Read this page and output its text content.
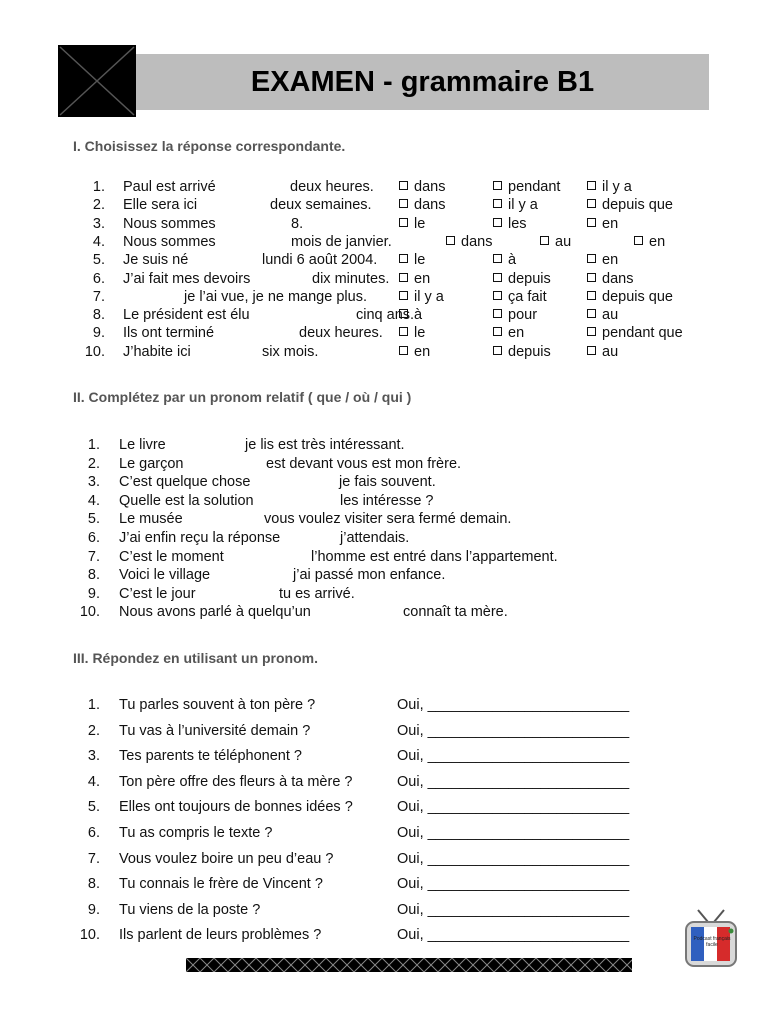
EXAMEN - grammaire B1
I. Choisissez la réponse correspondante.
1. Paul est arrivé	deux heures.	dans	pendant	il y a
2. Elle sera ici	deux semaines.	dans	il y a	depuis que
3. Nous sommes	8.	le	les	en
4. Nous sommes	mois de janvier.	dans	au	en
5. Je suis né	lundi 6 août 2004.	le	à	en
6. J’ai fait mes devoirs	dix minutes.	en	depuis	dans
7.	je l’ai vue, je ne mange plus.	il y a	ça fait	depuis que
8. Le président est élu	cinq ans. à	pour	au
9. Ils ont terminé	deux heures.	le	en	pendant que
10. J’habite ici	six mois.	en	depuis	au
II. Complétez par un pronom relatif ( que / où / qui )
1. Le livre	je lis est très intéressant.
2. Le garçon	est devant vous est mon frère.
3. C’est quelque chose	je fais souvent.
4. Quelle est la solution	les intéresse ?
5. Le musée	vous voulez visiter sera fermé demain.
6. J’ai enfin reçu la réponse	j’attendais.
7. C’est le moment	l’homme est entré dans l’appartement.
8. Voici le village	j’ai passé mon enfance.
9. C’est le jour	tu es arrivé.
10. Nous avons parlé à quelqu’un	connaît ta mère.
III. Répondez en utilisant un pronom.
1. Tu parles souvent à ton père ?	Oui, _________________________
2. Tu vas à l’université demain ?	Oui, _________________________
3. Tes parents te téléphonent ?	Oui, _________________________
4. Ton père offre des fleurs à ta mère ?	Oui, _________________________
5. Elles ont toujours de bonnes idées ?	Oui, _________________________
6. Tu as compris le texte ?	Oui, _________________________
7. Vous voulez boire un peu d’eau ?	Oui, _________________________
8. Tu connais le frère de Vincent ?	Oui, _________________________
9. Tu viens de la poste ?	Oui, _________________________
10. Ils parlent de leurs problèmes ?	Oui, _________________________	Podcast français facile
